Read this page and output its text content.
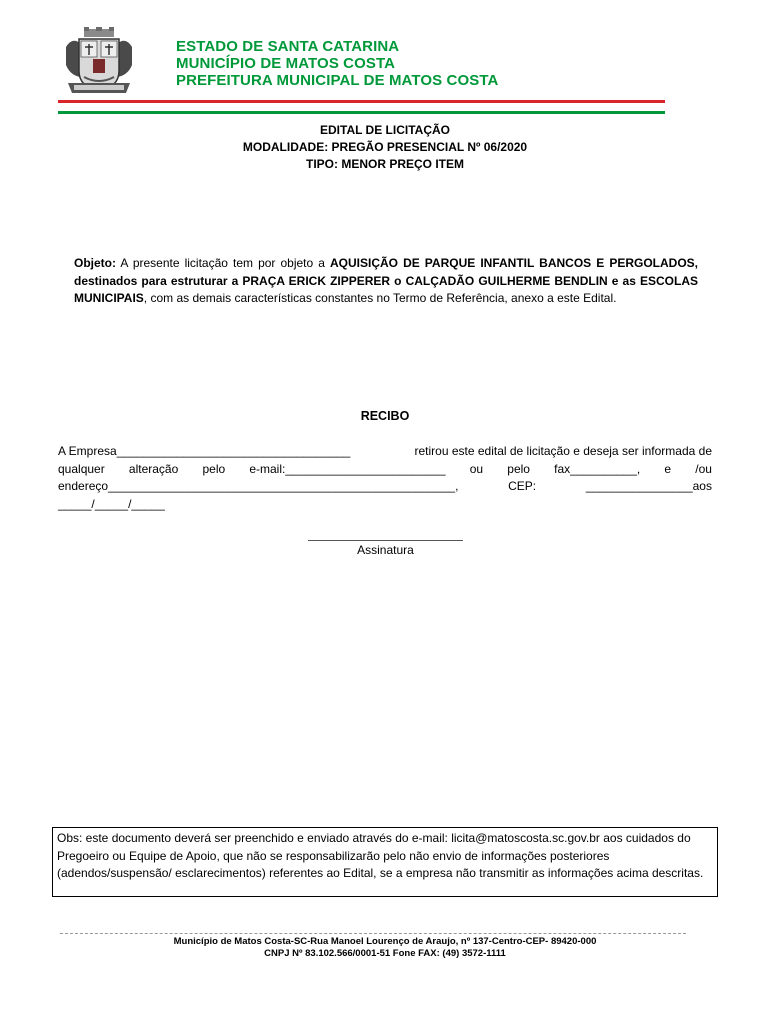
ESTADO DE SANTA CATARINA
MUNICÍPIO DE MATOS COSTA
PREFEITURA MUNICIPAL DE MATOS COSTA
EDITAL DE LICITAÇÃO
MODALIDADE: PREGÃO PRESENCIAL Nº 06/2020
TIPO: MENOR PREÇO ITEM
Objeto: A presente licitação tem por objeto a AQUISIÇÃO DE PARQUE INFANTIL BANCOS E PERGOLADOS, destinados para estruturar a PRAÇA ERICK ZIPPERER o CALÇADÃO GUILHERME BENDLIN e as ESCOLAS MUNICIPAIS, com as demais características constantes no Termo de Referência, anexo a este Edital.
RECIBO
A Empresa___________________________________	retirou este edital de licitação e deseja ser informada de
qualquer alteração pelo e-mail:________________________ ou pelo fax__________, e /ou
endereço____________________________________________________,	CEP:	________________aos
_____/_____/_____
Assinatura
Obs: este documento deverá ser preenchido e enviado através do e-mail: licita@matoscosta.sc.gov.br aos cuidados do Pregoeiro ou Equipe de Apoio, que não se responsabilizarão pelo não envio de informações posteriores (adendos/suspensão/ esclarecimentos) referentes ao Edital, se a empresa não transmitir as informações acima descritas.
Município de Matos Costa-SC-Rua Manoel Lourenço de Araujo, nº 137-Centro-CEP- 89420-000
CNPJ Nº 83.102.566/0001-51 Fone FAX: (49) 3572-1111
